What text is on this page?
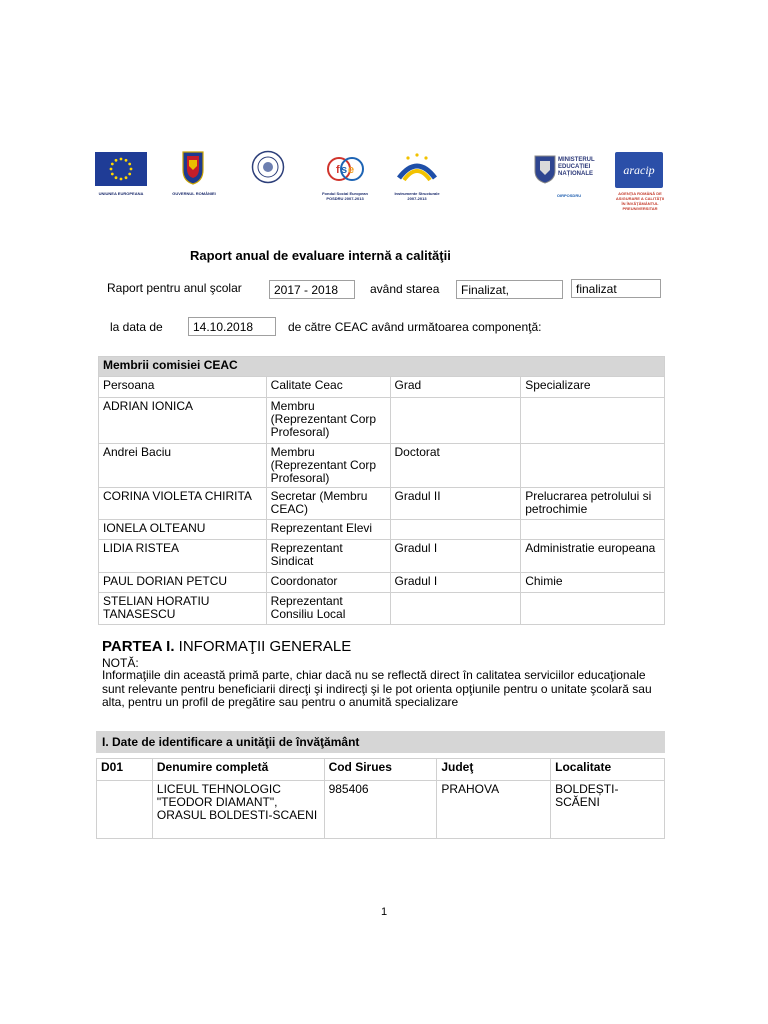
UNIUNEA EUROPEANA	GUVERNUL ROMÂNIEI
f s e
Fondul Social European
POSDRU 2007-2013
Instrumente Structurale
2007-2013
MINISTERUL
EDUCAȚIEI
NAȚIONALE
OIRPOSDRU
aracip
AGENȚIA ROMÂNĂ DE
ASIGURARE A CALITĂȚII
ÎN ÎNVĂȚĂMÂNTUL
PREUNIVERSITAR
Raport anual de evaluare internă a calităţii
Raport pentru anul şcolar	2017 - 2018	având starea	Finalizat,	finalizat
la data de	14.10.2018	de către CEAC având următoarea componenţă:
Membrii comisiei CEAC			
Persoana	Calitate Ceac	Grad	Specializare
ADRIAN IONICA	Membru (Reprezentant Corp Profesoral)		
Andrei Baciu	Membru (Reprezentant Corp Profesoral)	Doctorat	
CORINA VIOLETA CHIRITA	Secretar (Membru CEAC)	Gradul II	Prelucrarea petrolului si petrochimie
IONELA OLTEANU	Reprezentant Elevi		
LIDIA RISTEA	Reprezentant Sindicat	Gradul I	Administratie europeana
PAUL DORIAN PETCU	Coordonator	Gradul I	Chimie
STELIAN HORATIU TANASESCU	Reprezentant Consiliu Local		
PARTEA I. INFORMAŢII GENERALE
NOTĂ:
Informaţiile din această primă parte, chiar dacă nu se reflectă direct în calitatea serviciilor educaţionale sunt relevante pentru beneficiarii direcţi şi indirecţi şi le pot orienta opţiunile pentru o unitate şcolară sau alta, pentru un profil de pregătire sau pentru o anumită specializare
I. Date de identificare a unităţii de învăţământ
D01	Denumire completă	Cod Sirues	Judeţ	Localitate
	LICEUL TEHNOLOGIC "TEODOR DIAMANT", ORASUL BOLDESTI-SCAENI	985406	PRAHOVA	BOLDEȘTI-SCĂENI
1
